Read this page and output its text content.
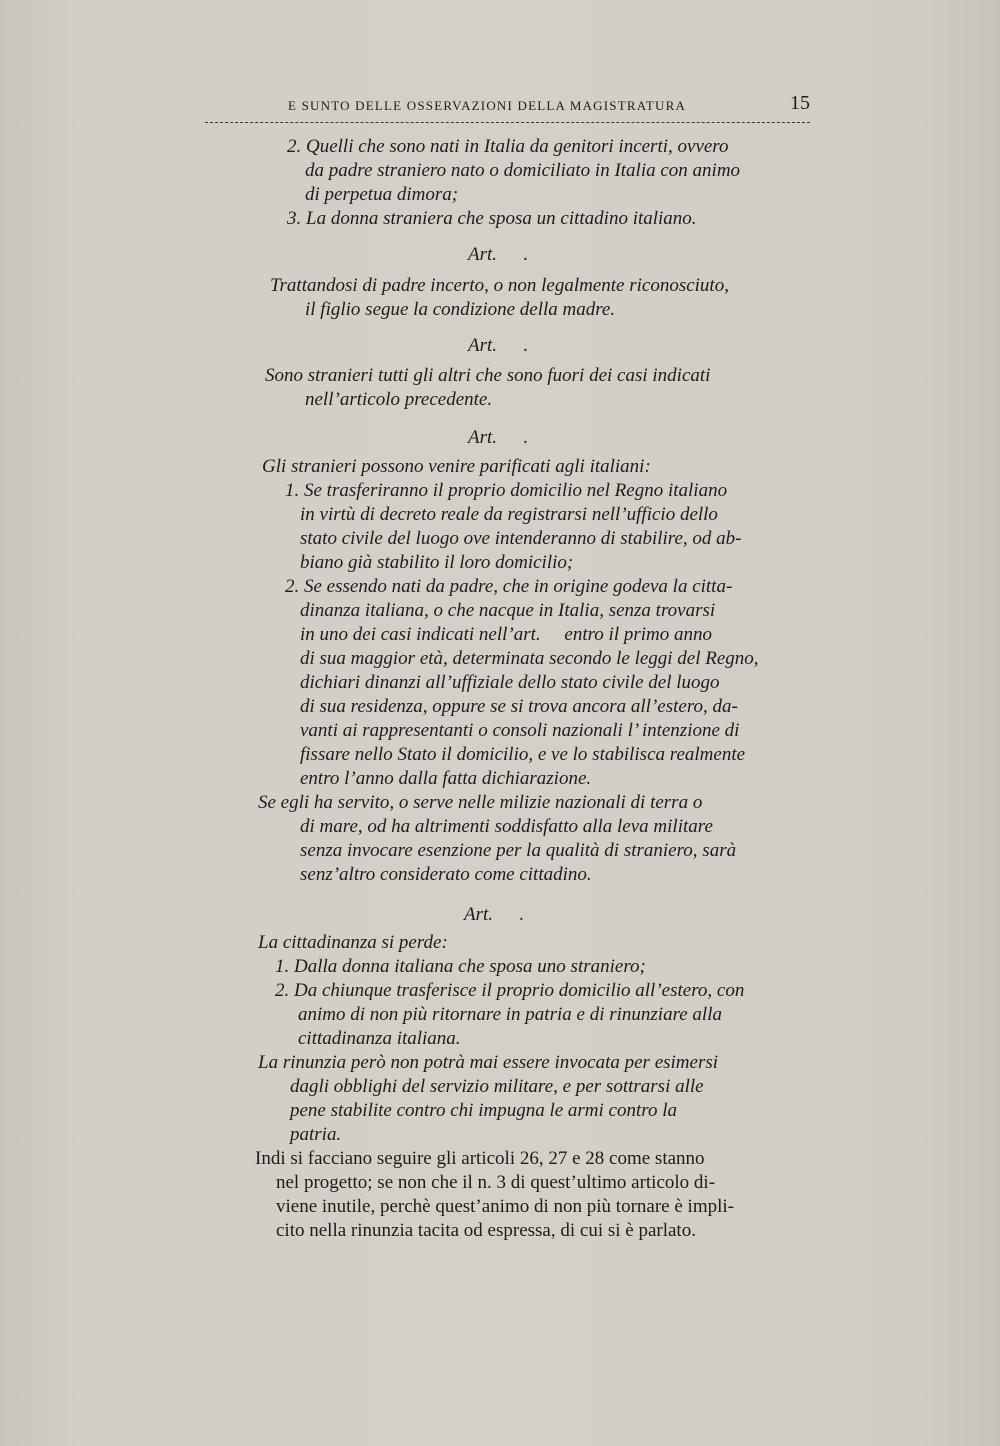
E SUNTO DELLE OSSERVAZIONI DELLA MAGISTRATURA	15
2. Quelli che sono nati in Italia da genitori incerti, ovvero
da padre straniero nato o domiciliato in Italia con animo
di perpetua dimora;
3. La donna straniera che sposa un cittadino italiano.
Art. .
Trattandosi di padre incerto, o non legalmente riconosciuto,
il figlio segue la condizione della madre.
Art. .
Sono stranieri tutti gli altri che sono fuori dei casi indicati
nell’articolo precedente.
Art. .
Gli stranieri possono venire parificati agli italiani:
1. Se trasferiranno il proprio domicilio nel Regno italiano
in virtù di decreto reale da registrarsi nell’ufficio dello
stato civile del luogo ove intenderanno di stabilire, od ab-
biano già stabilito il loro domicilio;
2. Se essendo nati da padre, che in origine godeva la citta-
dinanza italiana, o che nacque in Italia, senza trovarsi
in uno dei casi indicati nell’art.     entro il primo anno
di sua maggior età, determinata secondo le leggi del Regno,
dichiari dinanzi all’uffiziale dello stato civile del luogo
di sua residenza, oppure se si trova ancora all’estero, da-
vanti ai rappresentanti o consoli nazionali l’ intenzione di
fissare nello Stato il domicilio, e ve lo stabilisca realmente
entro l’anno dalla fatta dichiarazione.
Se egli ha servito, o serve nelle milizie nazionali di terra o
di mare, od ha altrimenti soddisfatto alla leva militare
senza invocare esenzione per la qualità di straniero, sarà
senz’altro considerato come cittadino.
Art. .
La cittadinanza si perde:
1. Dalla donna italiana che sposa uno straniero;
2. Da chiunque trasferisce il proprio domicilio all’estero, con
animo di non più ritornare in patria e di rinunziare alla
cittadinanza italiana.
La rinunzia però non potrà mai essere invocata per esimersi
dagli obblighi del servizio militare, e per sottrarsi alle
pene stabilite contro chi impugna le armi contro la
patria.
Indi si facciano seguire gli articoli 26, 27 e 28 come stanno
nel progetto; se non che il n. 3 di quest’ultimo articolo di-
viene inutile, perchè quest’animo di non più tornare è impli-
cito nella rinunzia tacita od espressa, di cui si è parlato.
